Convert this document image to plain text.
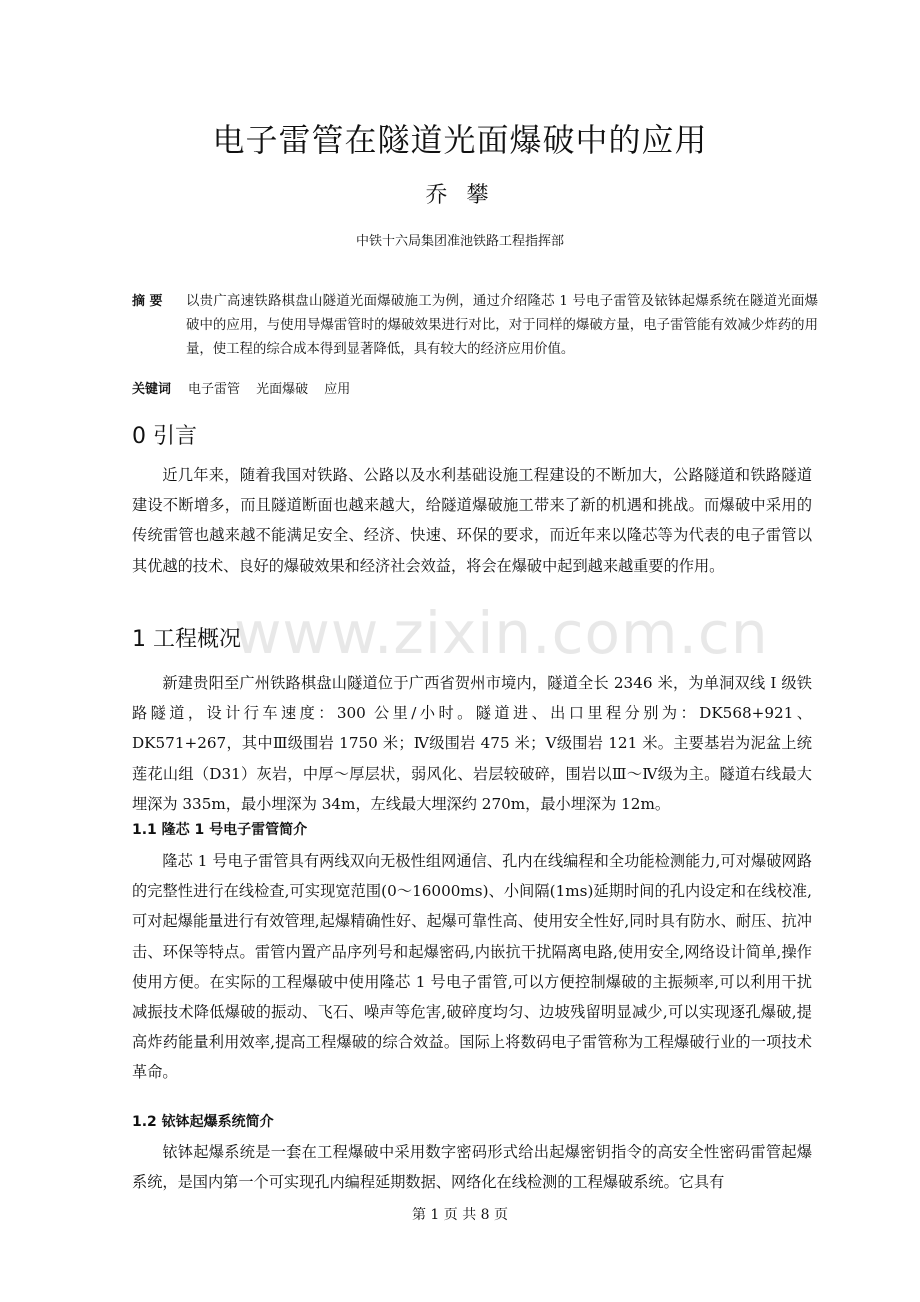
电子雷管在隧道光面爆破中的应用
乔 攀
中铁十六局集团准池铁路工程指挥部
摘 要 以贵广高速铁路棋盘山隧道光面爆破施工为例，通过介绍隆芯 1 号电子雷管及铱钵起爆系统在隧道光面爆破中的应用，与使用导爆雷管时的爆破效果进行对比，对于同样的爆破方量，电子雷管能有效减少炸药的用量，使工程的综合成本得到显著降低，具有较大的经济应用价值。
关键词 电子雷管 光面爆破 应用
0 引言
近几年来，随着我国对铁路、公路以及水利基础设施工程建设的不断加大，公路隧道和铁路隧道建设不断增多，而且隧道断面也越来越大，给隧道爆破施工带来了新的机遇和挑战。而爆破中采用的传统雷管也越来越不能满足安全、经济、快速、环保的要求，而近年来以隆芯等为代表的电子雷管以其优越的技术、良好的爆破效果和经济社会效益，将会在爆破中起到越来越重要的作用。
1 工程概况
新建贵阳至广州铁路棋盘山隧道位于广西省贺州市境内，隧道全长 2346 米，为单洞双线 I 级铁路隧道，设计行车速度：300 公里/小时。隧道进、出口里程分别为：DK568+921、DK571+267，其中Ⅲ级围岩 1750 米；Ⅳ级围岩 475 米；Ⅴ级围岩 121 米。主要基岩为泥盆上统莲花山组（D31）灰岩，中厚～厚层状，弱风化、岩层较破碎，围岩以Ⅲ～Ⅳ级为主。隧道右线最大埋深为 335m，最小埋深为 34m，左线最大埋深约 270m，最小埋深为 12m。
1.1 隆芯 1 号电子雷管简介
隆芯 1 号电子雷管具有两线双向无极性组网通信、孔内在线编程和全功能检测能力,可对爆破网路的完整性进行在线检查,可实现宽范围(0～16000ms)、小间隔(1ms)延期时间的孔内设定和在线校准,可对起爆能量进行有效管理,起爆精确性好、起爆可靠性高、使用安全性好,同时具有防水、耐压、抗冲击、环保等特点。雷管内置产品序列号和起爆密码,内嵌抗干扰隔离电路,使用安全,网络设计简单,操作使用方便。在实际的工程爆破中使用隆芯 1 号电子雷管,可以方便控制爆破的主振频率,可以利用干扰减振技术降低爆破的振动、飞石、噪声等危害,破碎度均匀、边坡残留明显减少,可以实现逐孔爆破,提高炸药能量利用效率,提高工程爆破的综合效益。国际上将数码电子雷管称为工程爆破行业的一项技术革命。
1.2 铱钵起爆系统简介
铱钵起爆系统是一套在工程爆破中采用数字密码形式给出起爆密钥指令的高安全性密码雷管起爆系统，是国内第一个可实现孔内编程延期数据、网络化在线检测的工程爆破系统。它具有
www.zixin.com.cn
第 1 页 共 8 页
